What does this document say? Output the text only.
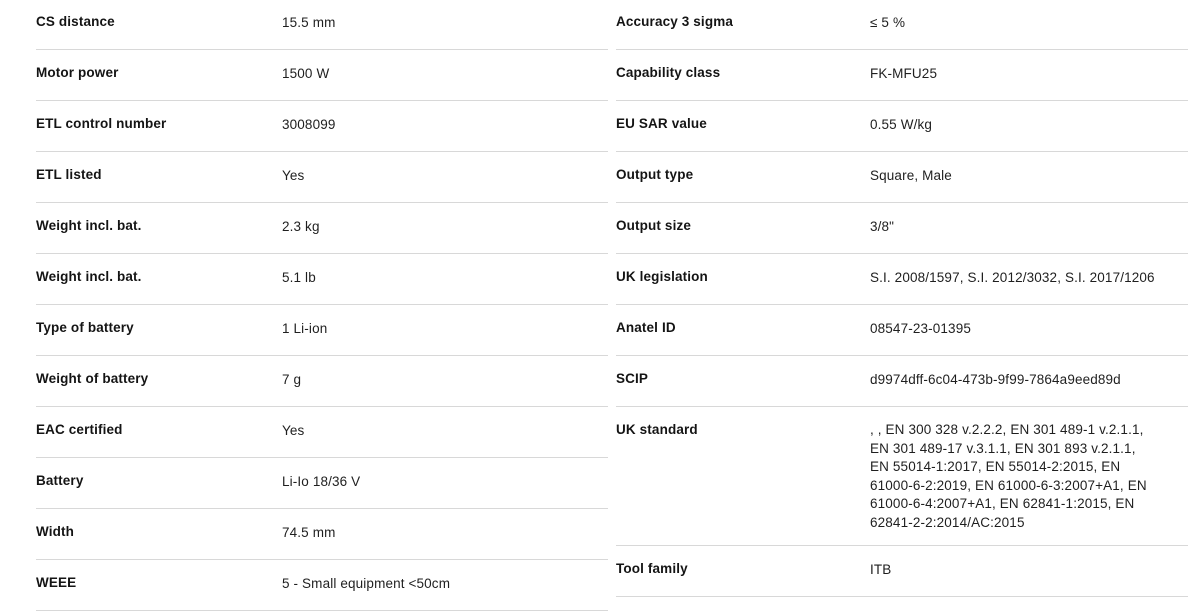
CS distance	15.5 mm
Motor power	1500 W
ETL control number	3008099
ETL listed	Yes
Weight incl. bat.	2.3 kg
Weight incl. bat.	5.1 lb
Type of battery	1 Li-ion
Weight of battery	7 g
EAC certified	Yes
Battery	Li-Io 18/36 V
Width	74.5 mm
WEEE	5 - Small equipment <50cm
Accuracy 3 sigma	≤ 5 %
Capability class	FK-MFU25
EU SAR value	0.55 W/kg
Output type	Square, Male
Output size	3/8"
UK legislation	S.I. 2008/1597, S.I. 2012/3032, S.I. 2017/1206
Anatel ID	08547-23-01395
SCIP	d9974dff-6c04-473b-9f99-7864a9eed89d
UK standard	, , EN 300 328 v.2.2.2, EN 301 489-1 v.2.1.1, EN 301 489-17 v.3.1.1, EN 301 893 v.2.1.1, EN 55014-1:2017, EN 55014-2:2015, EN 61000-6-2:2019, EN 61000-6-3:2007+A1, EN 61000-6-4:2007+A1, EN 62841-1:2015, EN 62841-2-2:2014/AC:2015
Tool family	ITB
